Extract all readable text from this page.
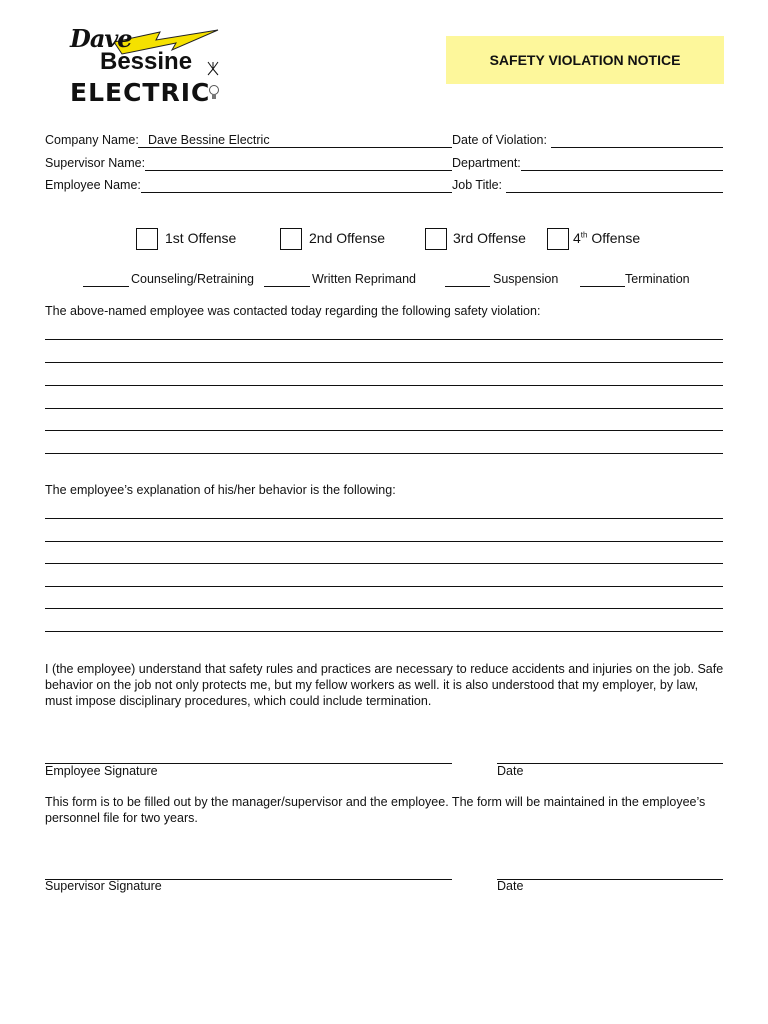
Dave
Bessine
ELECTRIC
SAFETY VIOLATION NOTICE
Company Name: Dave Bessine Electric
Supervisor Name:
Employee Name:
Date of Violation:
Department:
Job Title:
1st Offense	2nd Offense	3rd Offense	4th Offense
Counseling/Retraining	Written Reprimand	Suspension	Termination
The above-named employee was contacted today regarding the following safety violation:
The employee’s explanation of his/her behavior is the following:
I (the employee) understand that safety rules and practices are necessary to reduce accidents and injuries on the job. Safe behavior on the job not only protects me, but my fellow workers as well. it is also understood that my employer, by law, must impose disciplinary procedures, which could include termination.
Employee Signature	Date
This form is to be filled out by the manager/supervisor and the employee. The form will be maintained in the employee’s personnel file for two years.
Supervisor Signature	Date
